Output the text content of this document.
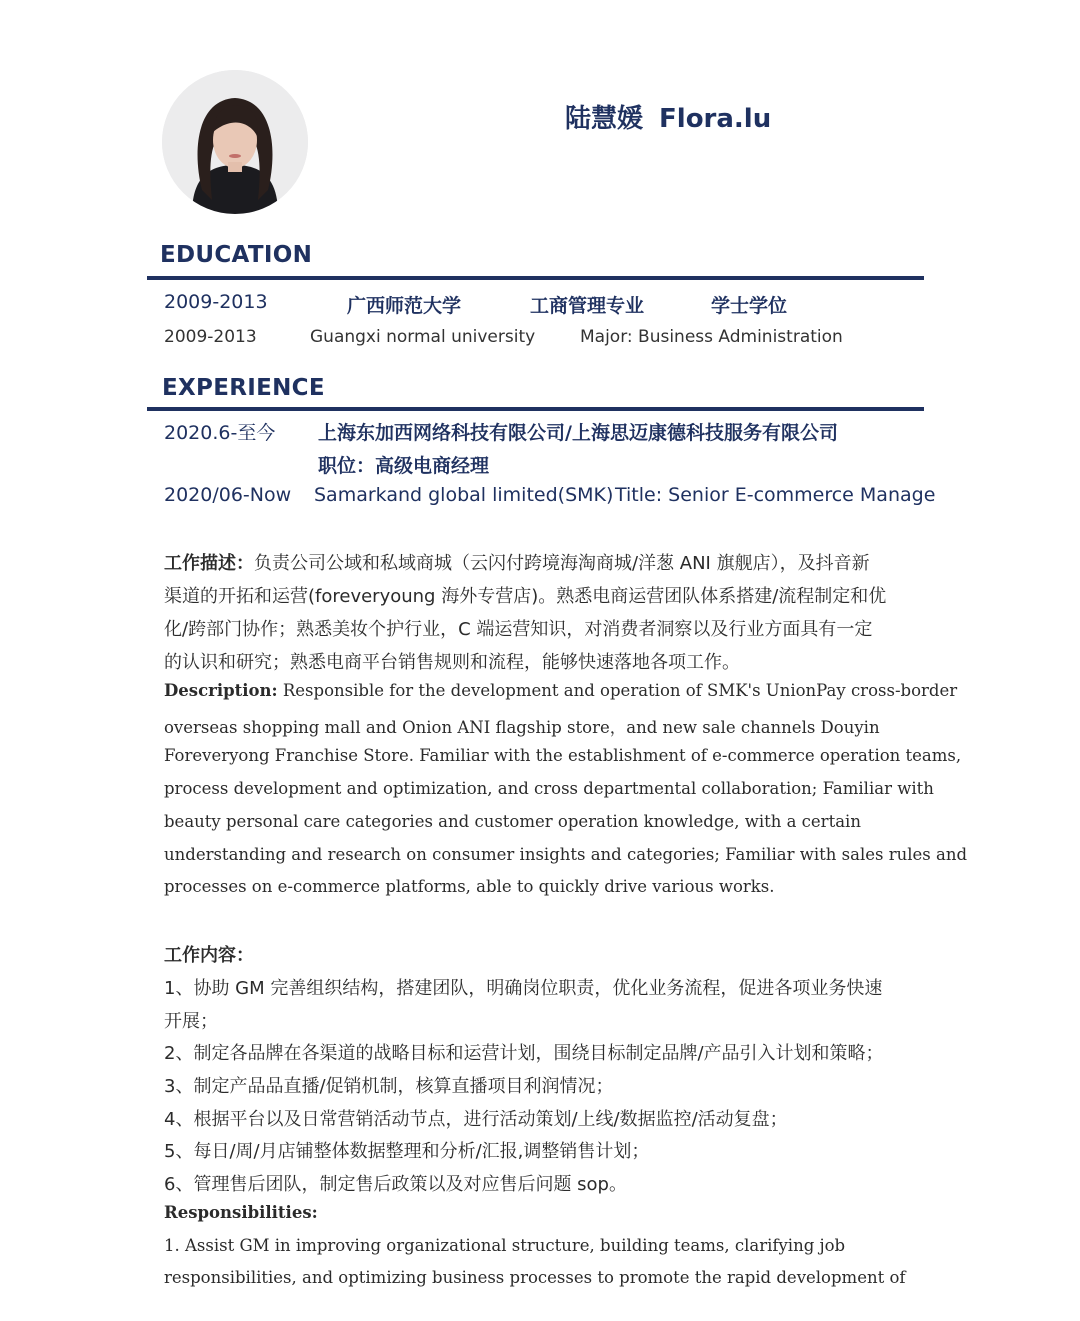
陆慧媛 Flora.lu
EDUCATION
2009-2013	广西师范大学	工商管理专业	学士学位
2009-2013	Guangxi normal university	Major: Business Administration
EXPERIENCE
2020.6-至今 上海东加西网络科技有限公司/上海思迈康德科技服务有限公司
职位：高级电商经理
2020/06-Now Samarkand global limited(SMK) Title: Senior E-commerce Manage
工作描述：负责公司公域和私域商城（云闪付跨境海淘商城/洋葱 ANI 旗舰店），及抖音新
渠道的开拓和运营(foreveryoung 海外专营店)。熟悉电商运营团队体系搭建/流程制定和优
化/跨部门协作；熟悉美妆个护行业，C 端运营知识，对消费者洞察以及行业方面具有一定
的认识和研究；熟悉电商平台销售规则和流程，能够快速落地各项工作。
Description: Responsible for the development and operation of SMK's UnionPay cross-border
overseas shopping mall and Onion ANI flagship store，and new sale channels Douyin
Foreveryong Franchise Store. Familiar with the establishment of e-commerce operation teams,
process development and optimization, and cross departmental collaboration; Familiar with
beauty personal care categories and customer operation knowledge, with a certain
understanding and research on consumer insights and categories; Familiar with sales rules and
processes on e-commerce platforms, able to quickly drive various works.
工作内容：
1、协助 GM 完善组织结构，搭建团队，明确岗位职责，优化业务流程，促进各项业务快速
开展；
2、制定各品牌在各渠道的战略目标和运营计划，围绕目标制定品牌/产品引入计划和策略；
3、制定产品品直播/促销机制，核算直播项目利润情况；
4、根据平台以及日常营销活动节点，进行活动策划/上线/数据监控/活动复盘；
5、每日/周/月店铺整体数据整理和分析/汇报,调整销售计划；
6、管理售后团队，制定售后政策以及对应售后问题 sop。
Responsibilities:
1. Assist GM in improving organizational structure, building teams, clarifying job
responsibilities, and optimizing business processes to promote the rapid development of
